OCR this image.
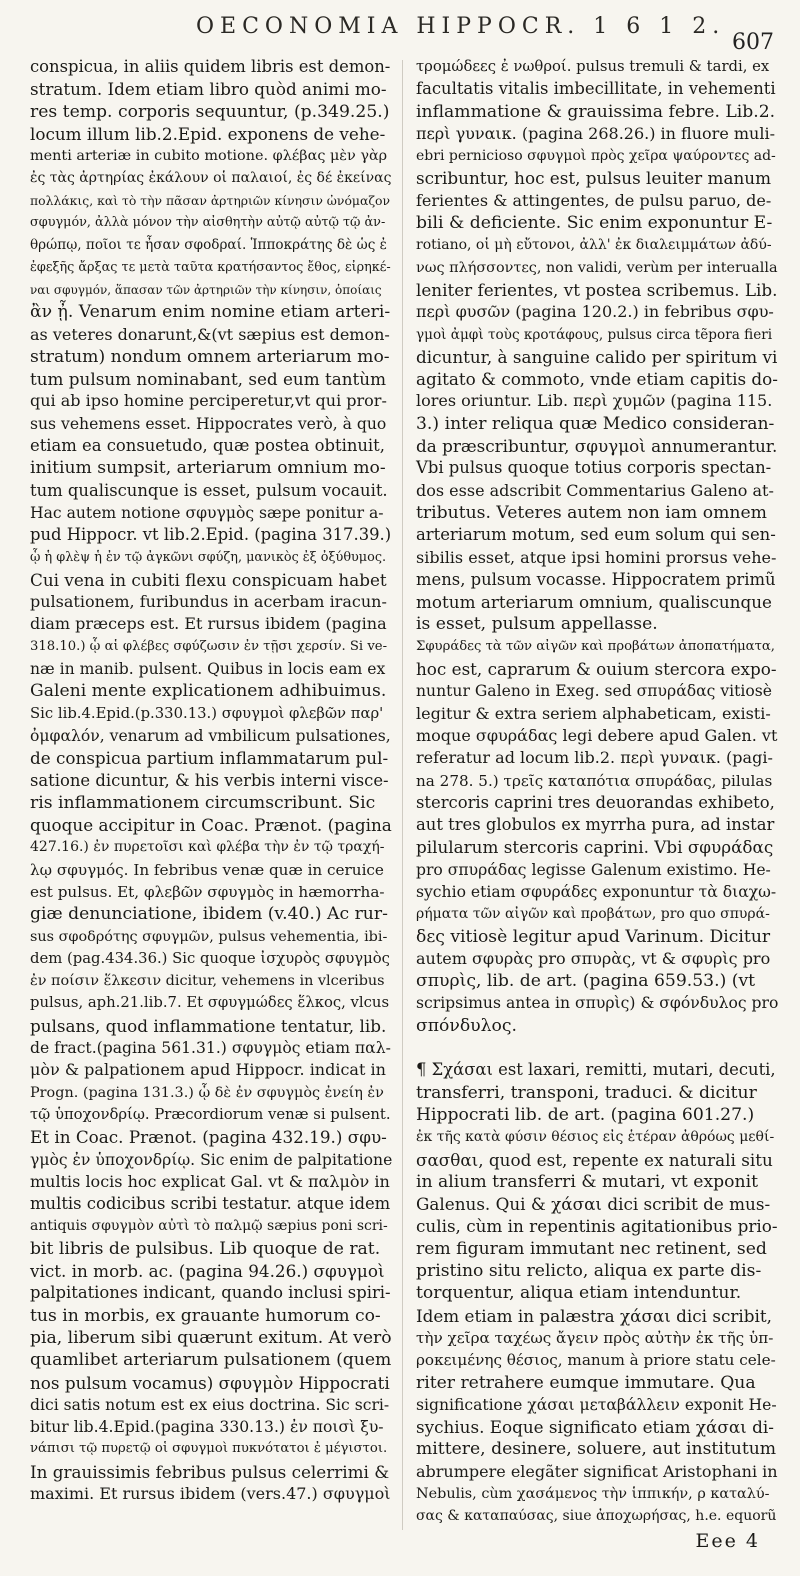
OECONOMIA HIPPOCR. 1 6 1 2.
607
conspicua, in aliis quidem libris est demon-
stratum. Idem etiam libro quòd animi mo-
res temp. corporis sequuntur, (p.349.25.)
locum illum lib.2.Epid. exponens de vehe-
menti arteriæ in cubito motione. φλέβας μὲν γὰρ
ἐς τὰς ἀρτηρίας ἐκάλουν οἱ παλαιοί, ἐς δέ ἐκείνας
πολλάκις, καὶ τὸ τὴν πᾶσαν ἀρτηριῶν κίνησιν ὠνόμαζον
σφυγμόν, ἀλλὰ μόνον τὴν αἰσθητὴν αὐτῷ αὐτῷ τῷ ἀν-
θρώπῳ, ποῖοι τε ἦσαν σφοδραί. Ἱπποκράτης δὲ ὡς ἐ
ἐφεξῆς ἄρξας τε μετὰ ταῦτα κρατήσαντος ἔθος, εἰρηκέ-
ναι σφυγμόν, ἅπασαν τῶν ἀρτηριῶν τὴν κίνησιν, ὁποίαις
ἂν ᾖ. Venarum enim nomine etiam arteri-
as veteres donarunt,&(vt sæpius est demon-
stratum) nondum omnem arteriarum mo-
tum pulsum nominabant, sed eum tantùm
qui ab ipso homine perciperetur,vt qui pror-
sus vehemens esset. Hippocrates verò, à quo
etiam ea consuetudo, quæ postea obtinuit,
initium sumpsit, arteriarum omnium mo-
tum qualiscunque is esset, pulsum vocauit.
Hac autem notione σφυγμὸς sæpe ponitur a-
pud Hippocr. vt lib.2.Epid. (pagina 317.39.)
ᾧ ἡ φλὲψ ἡ ἐν τῷ ἀγκῶνι σφύζη, μανικὸς ἐξ ὀξύθυμος.
Cui vena in cubiti flexu conspicuam habet
pulsationem, furibundus in acerbam iracun-
diam præceps est. Et rursus ibidem (pagina
318.10.) ᾧ αἱ φλέβες σφύζωσιν ἐν τῇσι χερσίν. Si ve-
næ in manib. pulsent. Quibus in locis eam ex
Galeni mente explicationem adhibuimus.
Sic lib.4.Epid.(p.330.13.) σφυγμοὶ φλεβῶν παρ'
ὀμφαλόν, venarum ad vmbilicum pulsationes,
de conspicua partium inflammatarum pul-
satione dicuntur, & his verbis interni visce-
ris inflammationem circumscribunt. Sic
quoque accipitur in Coac. Prænot. (pagina
427.16.) ἐν πυρετοῖσι καὶ φλέβα τὴν ἐν τῷ τραχή-
λῳ σφυγμός. In febribus venæ quæ in ceruice
est pulsus. Et, φλεβῶν σφυγμὸς in hæmorrha-
giæ denunciatione, ibidem (v.40.) Ac rur-
sus σφοδρότης σφυγμῶν, pulsus vehementia, ibi-
dem (pag.434.36.) Sic quoque ἰσχυρὸς σφυγμὸς
ἐν ποίσιν ἕλκεσιν dicitur, vehemens in vlceribus
pulsus, aph.21.lib.7. Et σφυγμώδες ἕλκος, vlcus
pulsans, quod inflammatione tentatur, lib.
de fract.(pagina 561.31.) σφυγμὸς etiam παλ-
μὸν & palpationem apud Hippocr. indicat in
Progn. (pagina 131.3.) ᾧ δὲ ἐν σφυγμὸς ἐνείη ἐν
τῷ ὑποχονδρίῳ. Præcordiorum venæ si pulsent.
Et in Coac. Prænot. (pagina 432.19.) σφυ-
γμὸς ἐν ὑποχονδρίῳ. Sic enim de palpitatione
multis locis hoc explicat Gal. vt & παλμὸν in
multis codicibus scribi testatur. atque idem
antiquis σφυγμὸν αὐτὶ τὸ παλμῷ sæpius poni scri-
bit libris de pulsibus. Lib quoque de rat.
vict. in morb. ac. (pagina 94.26.) σφυγμοὶ
palpitationes indicant, quando inclusi spiri-
tus in morbis, ex grauante humorum co-
pia, liberum sibi quærunt exitum. At verò
quamlibet arteriarum pulsationem (quem
nos pulsum vocamus) σφυγμὸν Hippocrati
dici satis notum est ex eius doctrina. Sic scri-
bitur lib.4.Epid.(pagina 330.13.) ἐν ποισὶ ξυ-
νάπισι τῷ πυρετῷ οἱ σφυγμοὶ πυκνότατοι ἐ μέγιστοι.
In grauissimis febribus pulsus celerrimi &
maximi. Et rursus ibidem (vers.47.) σφυγμοὶ
τρομώδεες ἐ νωθροί. pulsus tremuli & tardi, ex
facultatis vitalis imbecillitate, in vehementi
inflammatione & grauissima febre. Lib.2.
περὶ γυναικ. (pagina 268.26.) in fluore muli-
ebri pernicioso σφυγμοὶ πρὸς χεῖρα ψαύροντες ad-
scribuntur, hoc est, pulsus leuiter manum
ferientes & attingentes, de pulsu paruo, de-
bili & deficiente. Sic enim exponuntur E-
rotiano, οἱ μὴ εὔτονοι, ἀλλ' ἐκ διαλειμμάτων ἀδύ-
νως πλήσσοντες, non validi, verùm per interualla
leniter ferientes, vt postea scribemus. Lib.
περὶ φυσῶν (pagina 120.2.) in febribus σφυ-
γμοὶ ἀμφὶ τοὺς κροτάφους, pulsus circa tẽpora fieri
dicuntur, à sanguine calido per spiritum vi
agitato & commoto, vnde etiam capitis do-
lores oriuntur. Lib. περὶ χυμῶν (pagina 115.
3.) inter reliqua quæ Medico consideran-
da præscribuntur, σφυγμοὶ annumerantur.
Vbi pulsus quoque totius corporis spectan-
dos esse adscribit Commentarius Galeno at-
tributus. Veteres autem non iam omnem
arteriarum motum, sed eum solum qui sen-
sibilis esset, atque ipsi homini prorsus vehe-
mens, pulsum vocasse. Hippocratem primũ
motum arteriarum omnium, qualiscunque
is esset, pulsum appellasse.
Σφυράδες τὰ τῶν αἰγῶν καὶ προβάτων ἀποπατήματα,
hoc est, caprarum & ouium stercora expo-
nuntur Galeno in Exeg. sed σπυράδας vitiosè
legitur & extra seriem alphabeticam, existi-
moque σφυράδας legi debere apud Galen. vt
referatur ad locum lib.2. περὶ γυναικ. (pagi-
na 278. 5.) τρεῖς καταπότια σπυράδας, pilulas
stercoris caprini tres deuorandas exhibeto,
aut tres globulos ex myrrha pura, ad instar
pilularum stercoris caprini. Vbi σφυράδας
pro σπυράδας legisse Galenum existimo. He-
sychio etiam σφυράδες exponuntur τὰ διαχω-
ρήματα τῶν αἰγῶν καὶ προβάτων, pro quo σπυρά-
δες vitiosè legitur apud Varinum. Dicitur
autem σφυρὰς pro σπυρὰς, vt & σφυρὶς pro
σπυρὶς, lib. de art. (pagina 659.53.) (vt
scripsimus antea in σπυρὶς) & σφόνδυλος pro
σπόνδυλος.
¶ Σχάσαι est laxari, remitti, mutari, decuti,
transferri, transponi, traduci. & dicitur
Hippocrati lib. de art. (pagina 601.27.)
ἐκ τῆς κατὰ φύσιν θέσιος εἰς ἑτέραν ἀθρόως μεθί-
σασθαι, quod est, repente ex naturali situ
in alium transferri & mutari, vt exponit
Galenus. Qui & χάσαι dici scribit de mus-
culis, cùm in repentinis agitationibus prio-
rem figuram immutant nec retinent, sed
pristino situ relicto, aliqua ex parte dis-
torquentur, aliqua etiam intenduntur.
Idem etiam in palæstra χάσαι dici scribit,
τὴν χεῖρα ταχέως ἄγειν πρὸς αὐτὴν ἐκ τῆς ὑπ-
ροκειμένης θέσιος, manum à priore statu cele-
riter retrahere eumque immutare. Qua
significatione χάσαι μεταβάλλειν exponit He-
sychius. Eoque significato etiam χάσαι di-
mittere, desinere, soluere, aut institutum
abrumpere elegãter significat Aristophani in
Nebulis, cùm χασάμενος τὴν ἱππικήν, ρ καταλύ-
σας & καταπαύσας, siue ἀποχωρήσας, h.e. equorũ
Eee 4
